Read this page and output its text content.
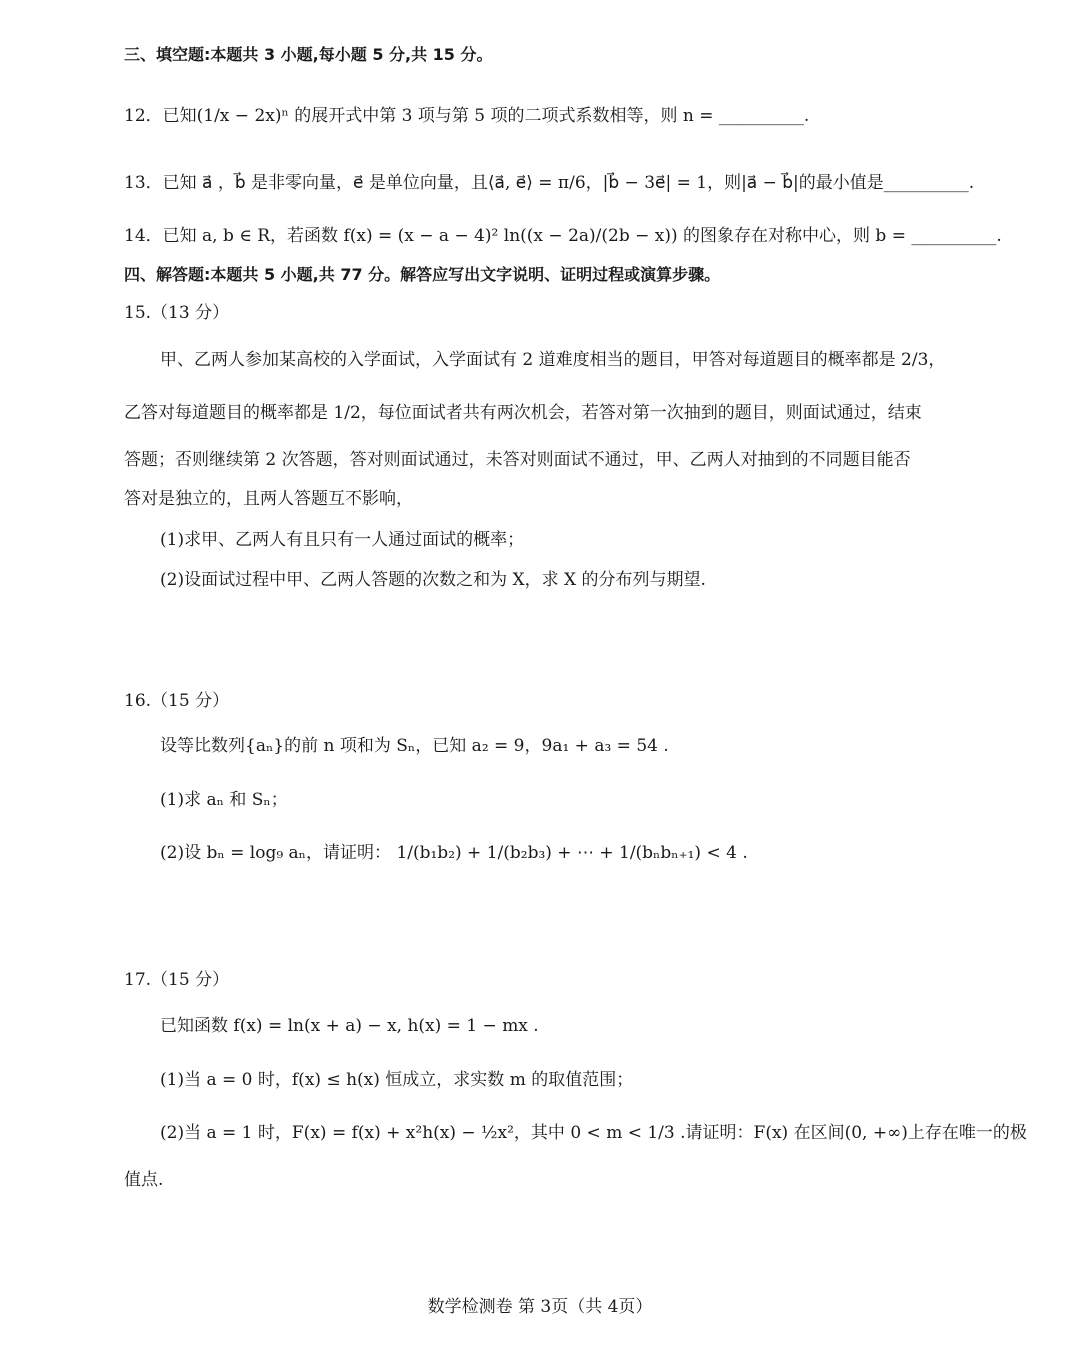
三、填空题:本题共 3 小题,每小题 5 分,共 15 分。
12．已知(1/x − 2x)ⁿ 的展开式中第 3 项与第 5 项的二项式系数相等，则 n = __________.
13．已知 a⃗ ，b⃗ 是非零向量，e⃗ 是单位向量，且⟨a⃗, e⃗⟩ = π/6，|b⃗ − 3e⃗| = 1，则|a⃗ − b⃗|的最小值是__________.
14．已知 a, b ∈ R，若函数 f(x) = (x − a − 4)² ln((x − 2a)/(2b − x)) 的图象存在对称中心，则 b = __________.
四、解答题:本题共 5 小题,共 77 分。解答应写出文字说明、证明过程或演算步骤。
15.（13 分）
甲、乙两人参加某高校的入学面试，入学面试有 2 道难度相当的题目，甲答对每道题目的概率都是 2/3，
乙答对每道题目的概率都是 1/2，每位面试者共有两次机会，若答对第一次抽到的题目，则面试通过，结束
答题；否则继续第 2 次答题，答对则面试通过，未答对则面试不通过，甲、乙两人对抽到的不同题目能否
答对是独立的，且两人答题互不影响，
(1)求甲、乙两人有且只有一人通过面试的概率；
(2)设面试过程中甲、乙两人答题的次数之和为 X，求 X 的分布列与期望.
16.（15 分）
设等比数列{aₙ}的前 n 项和为 Sₙ，已知 a₂ = 9，9a₁ + a₃ = 54 .
(1)求 aₙ 和 Sₙ；
(2)设 bₙ = log₉ aₙ，请证明： 1/(b₁b₂) + 1/(b₂b₃) + ⋯ + 1/(bₙbₙ₊₁) < 4 .
17.（15 分）
已知函数 f(x) = ln(x + a) − x, h(x) = 1 − mx .
(1)当 a = 0 时，f(x) ≤ h(x) 恒成立，求实数 m 的取值范围；
(2)当 a = 1 时，F(x) = f(x) + x²h(x) − ½x²，其中 0 < m < 1/3 .请证明：F(x) 在区间(0, +∞)上存在唯一的极
值点.
数学检测卷 第 3页（共 4页）
